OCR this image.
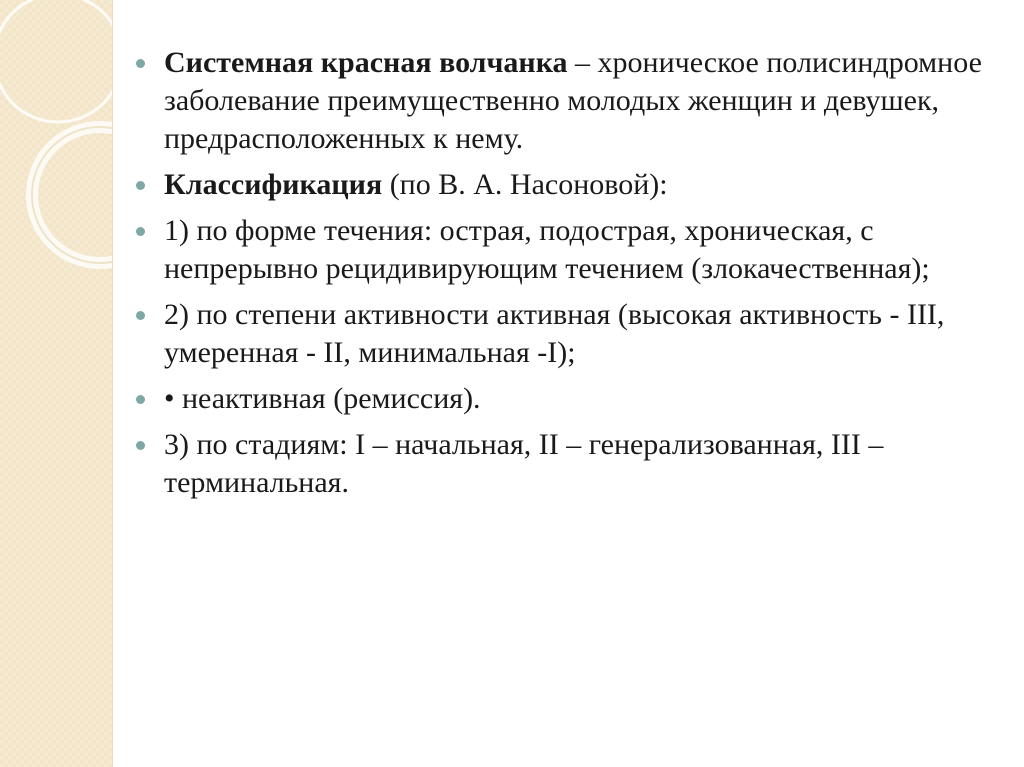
Системная красная волчанка – хроническое полисиндромное заболевание преимущественно молодых женщин и девушек, предрасположенных к нему.
Классификация (по В. А. Насоновой):
1) по форме течения: острая, подострая, хроническая, с непрерывно рецидивирующим течением (злокачественная);
2) по степени активности активная (высокая активность - III, умеренная - II, минимальная -I);
• неактивная (ремиссия).
3) по стадиям: I – начальная, II – генерализованная, III – терминальная.
